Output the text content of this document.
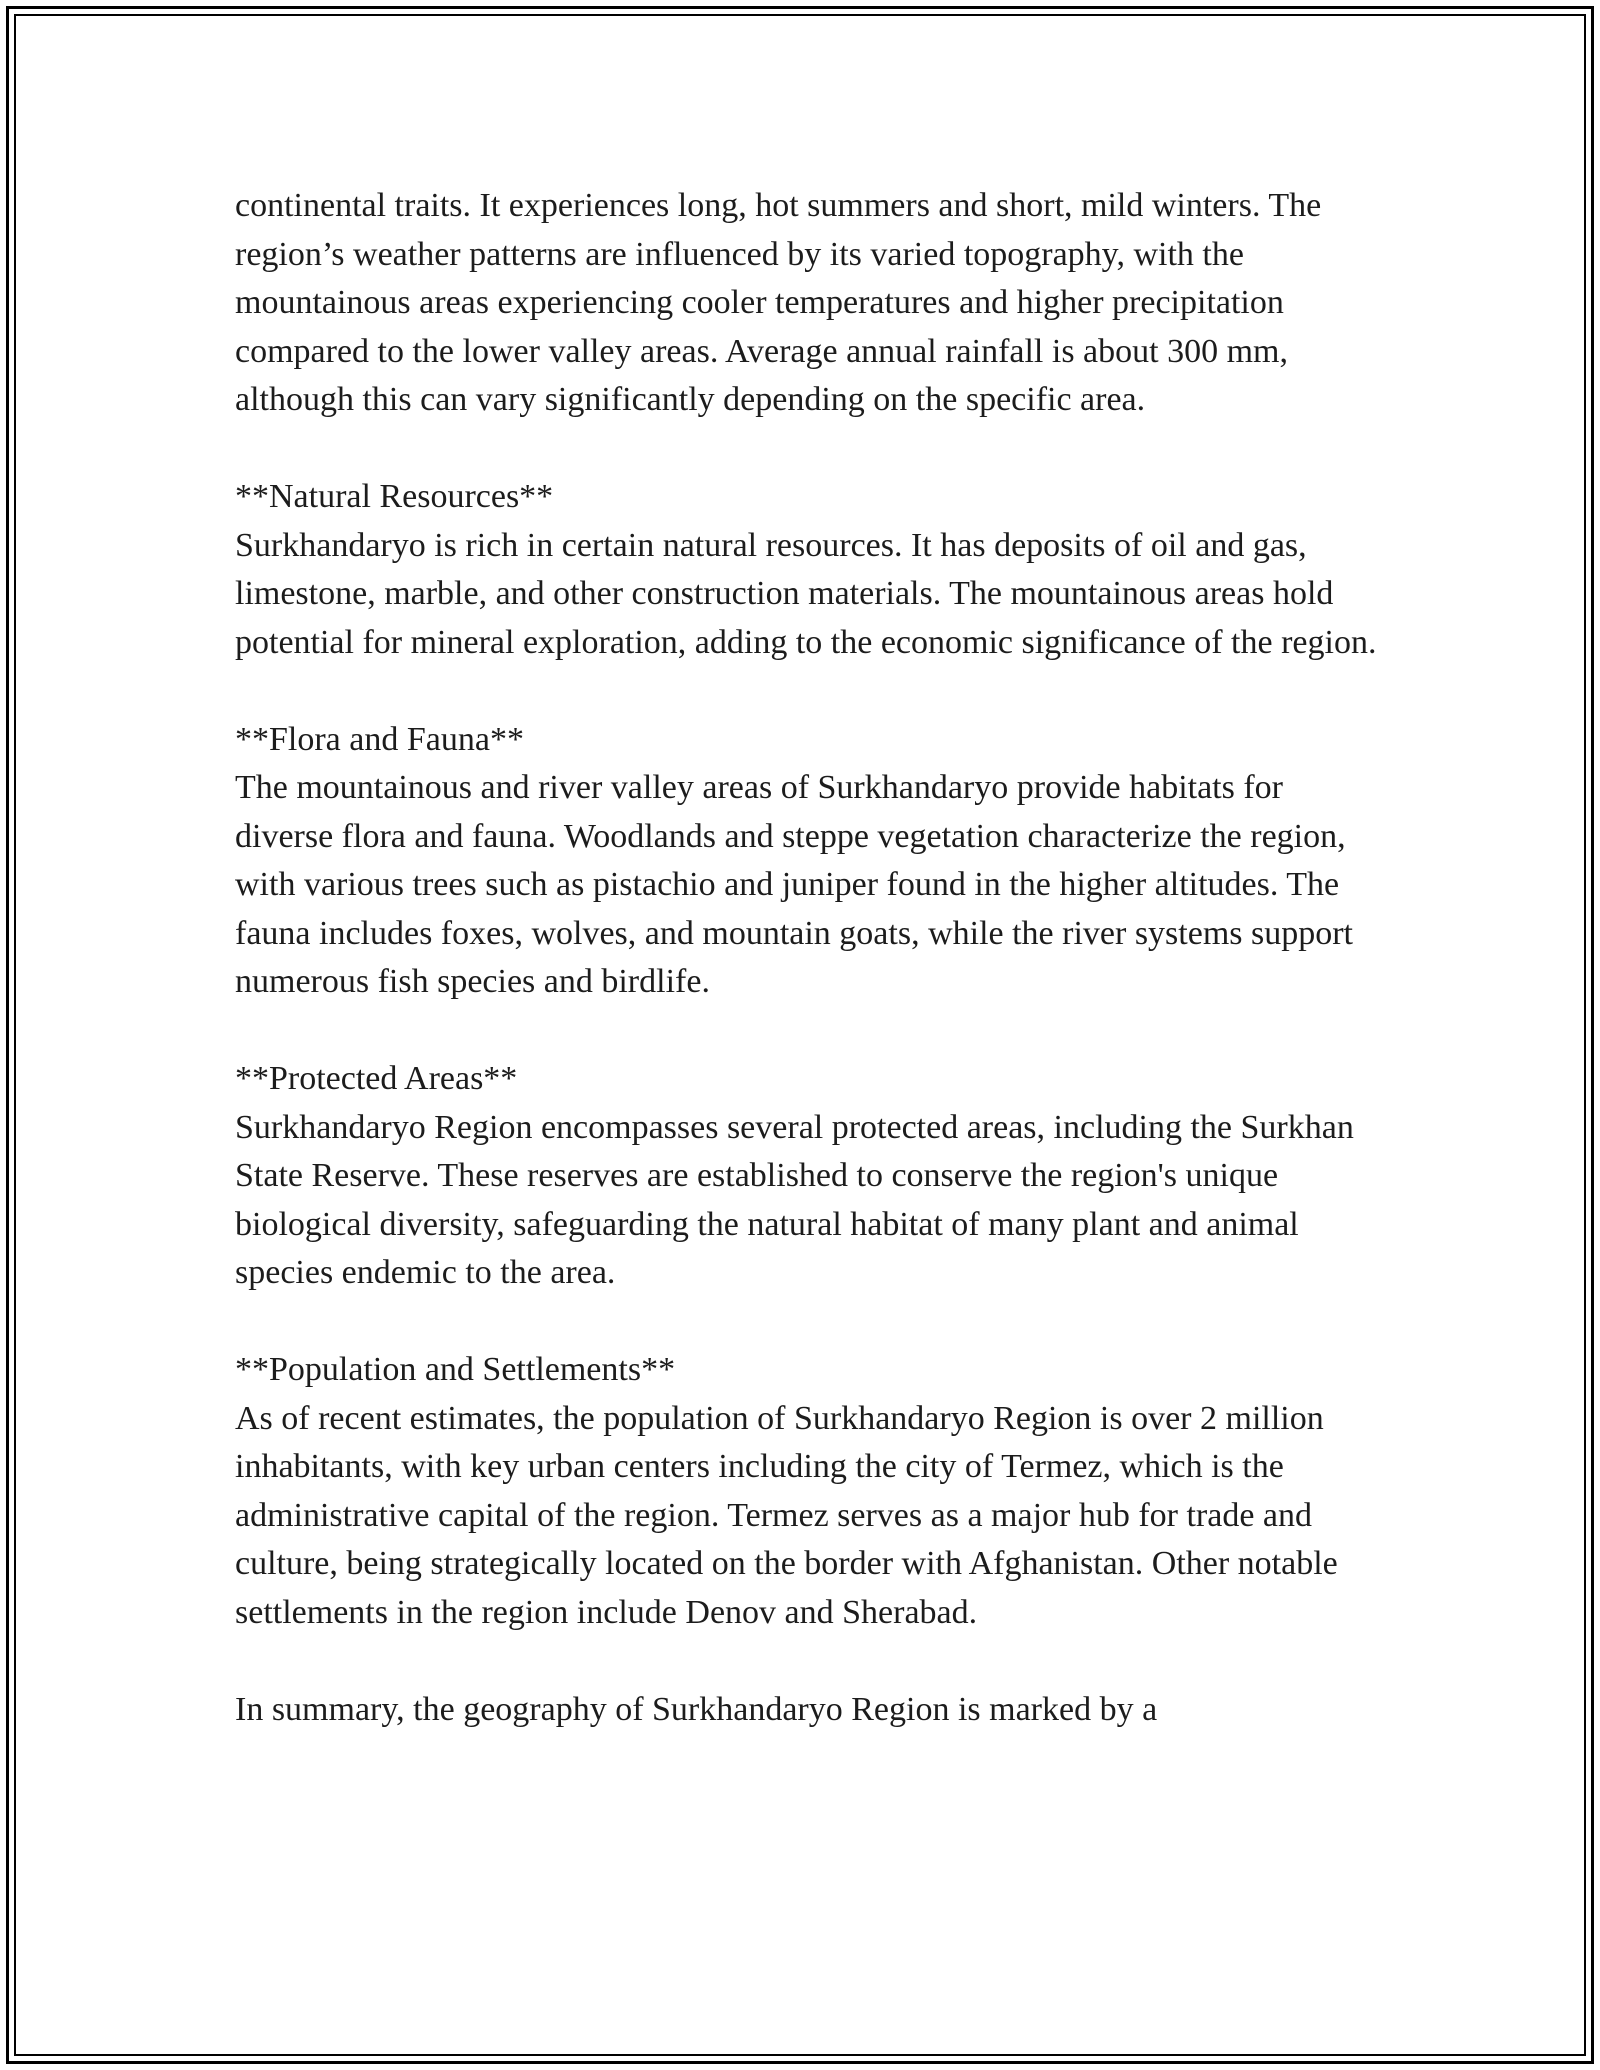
continental traits. It experiences long, hot summers and short, mild winters. The region’s weather patterns are influenced by its varied topography, with the mountainous areas experiencing cooler temperatures and higher precipitation compared to the lower valley areas. Average annual rainfall is about 300 mm, although this can vary significantly depending on the specific area.

**Natural Resources**

Surkhandaryo is rich in certain natural resources. It has deposits of oil and gas, limestone, marble, and other construction materials. The mountainous areas hold potential for mineral exploration, adding to the economic significance of the region.

**Flora and Fauna**

The mountainous and river valley areas of Surkhandaryo provide habitats for diverse flora and fauna. Woodlands and steppe vegetation characterize the region, with various trees such as pistachio and juniper found in the higher altitudes. The fauna includes foxes, wolves, and mountain goats, while the river systems support numerous fish species and birdlife.

**Protected Areas**

Surkhandaryo Region encompasses several protected areas, including the Surkhan State Reserve. These reserves are established to conserve the region's unique biological diversity, safeguarding the natural habitat of many plant and animal species endemic to the area.

**Population and Settlements**

As of recent estimates, the population of Surkhandaryo Region is over 2 million inhabitants, with key urban centers including the city of Termez, which is the administrative capital of the region. Termez serves as a major hub for trade and culture, being strategically located on the border with Afghanistan. Other notable settlements in the region include Denov and Sherabad.

In summary, the geography of Surkhandaryo Region is marked by a
